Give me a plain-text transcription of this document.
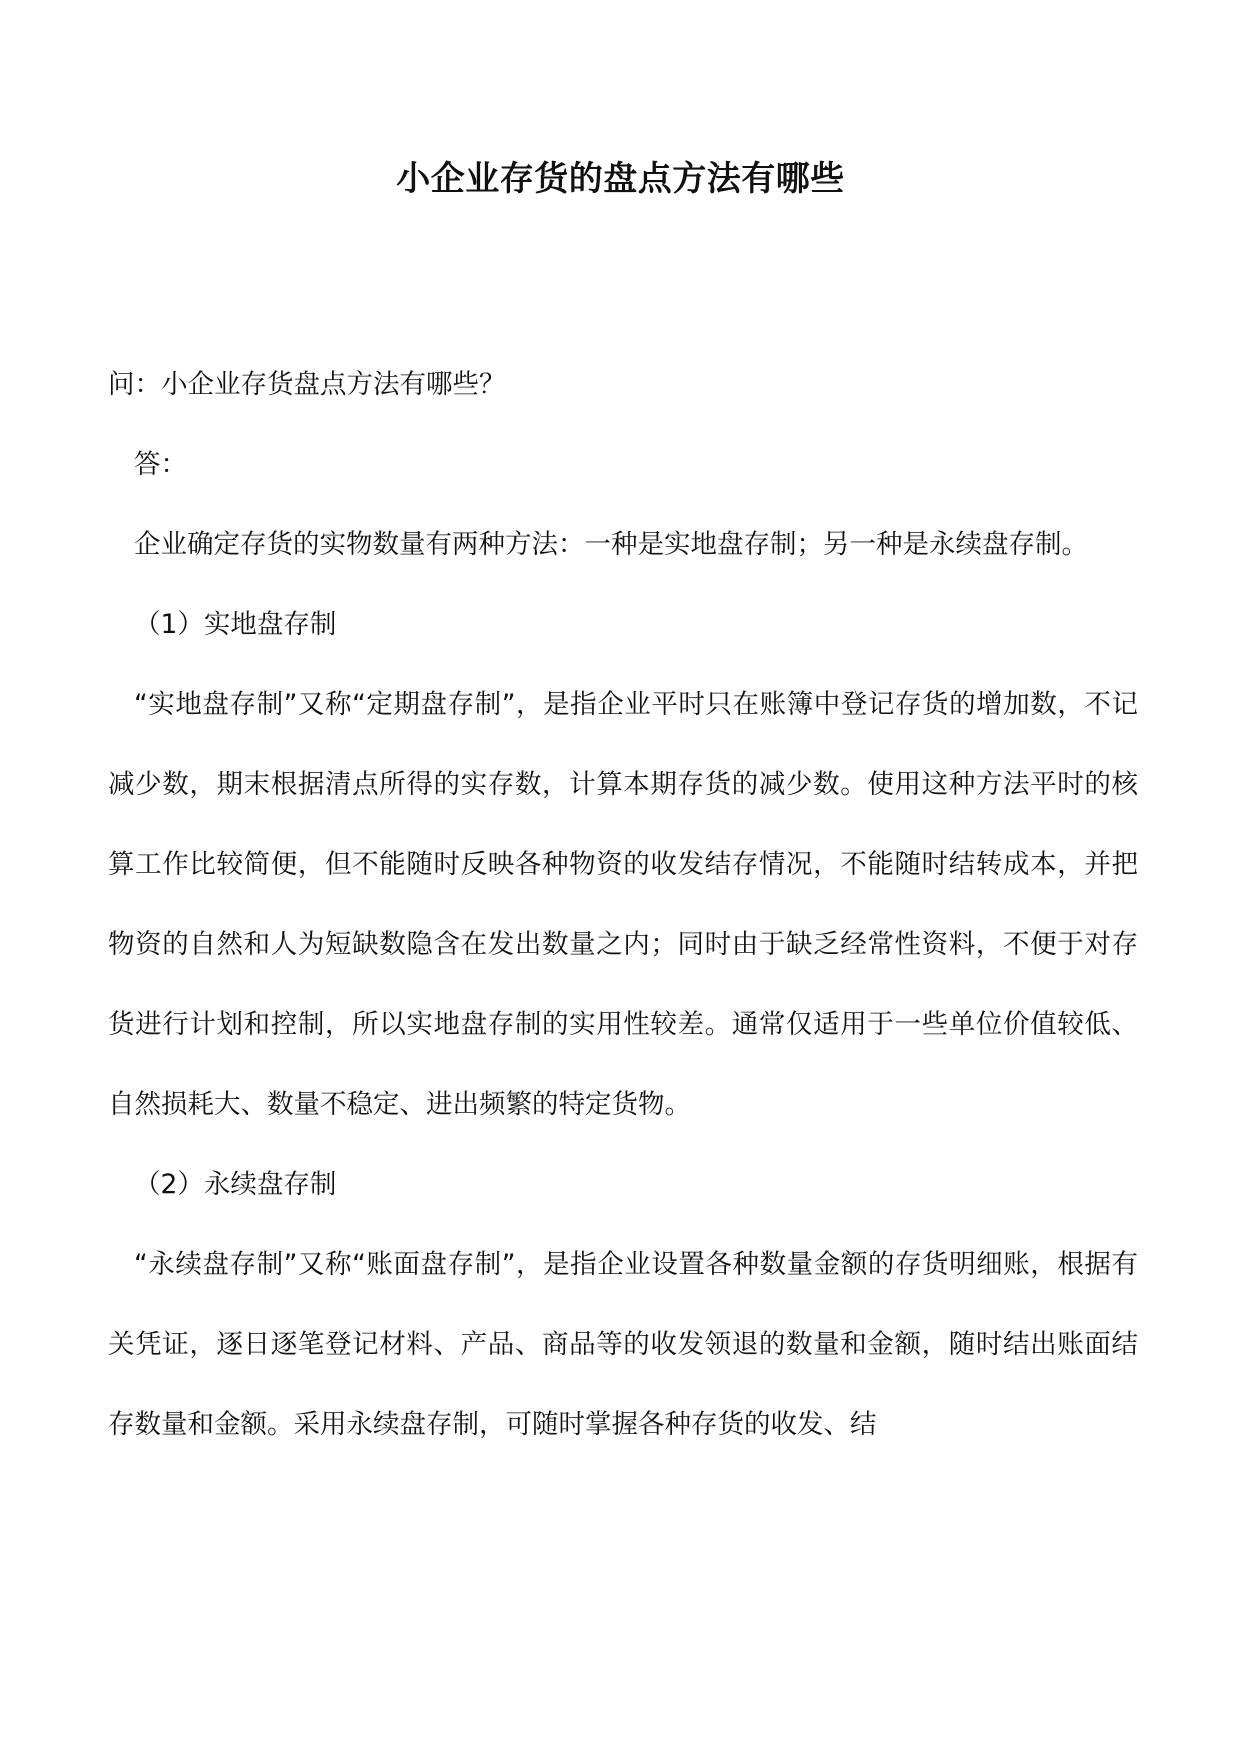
小企业存货的盘点方法有哪些

问：小企业存货盘点方法有哪些？

答：

企业确定存货的实物数量有两种方法：一种是实地盘存制；另一种是永续盘存制。

（1）实地盘存制

“实地盘存制”又称“定期盘存制”，是指企业平时只在账簿中登记存货的增加数，不记减少数，期末根据清点所得的实存数，计算本期存货的减少数。使用这种方法平时的核算工作比较简便，但不能随时反映各种物资的收发结存情况，不能随时结转成本，并把物资的自然和人为短缺数隐含在发出数量之内；同时由于缺乏经常性资料，不便于对存货进行计划和控制，所以实地盘存制的实用性较差。通常仅适用于一些单位价值较低、自然损耗大、数量不稳定、进出频繁的特定货物。

（2）永续盘存制

“永续盘存制”又称“账面盘存制”，是指企业设置各种数量金额的存货明细账，根据有关凭证，逐日逐笔登记材料、产品、商品等的收发领退的数量和金额，随时结出账面结存数量和金额。采用永续盘存制，可随时掌握各种存货的收发、结
